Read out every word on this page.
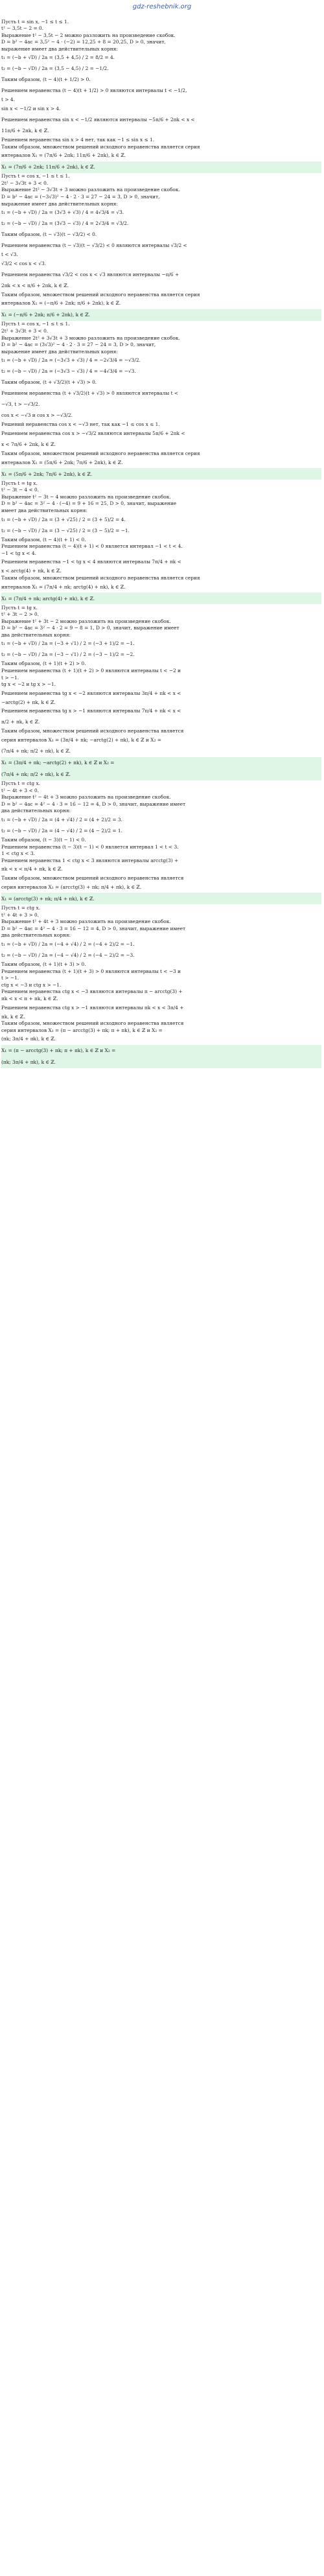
gdz-reshebnik.org
Пусть t = sin x, −1 ≤ t ≤ 1.
t² − 3,5t − 2 = 0.
Выражение t² − 3,5t − 2 можно разложить на произведение скобок.
D = b² − 4ac = 3,5² − 4 · (−2) = 12,25 + 8 = 20,25, D > 0, значит,
выражение имеет два действительных корня:
t₁ = (−b + √D) / 2a = (3,5 + 4,5) / 2 = 8/2 = 4.
t₂ = (−b − √D) / 2a = (3,5 − 4,5) / 2 = −1/2.
Таким образом, (t − 4)(t + 1/2) > 0.
Решением неравенства (t − 4)(t + 1/2) > 0 являются интервалы t < −1/2,
t > 4.
sin x < −1/2 и sin x > 4.
Решением неравенства sin x < −1/2 являются интервалы −5π/6 + 2πk < x <
11π/6 + 2πk, k ∈ ℤ.
Решением неравенства sin x > 4 нет, так как −1 ≤ sin x ≤ 1.
Таким образом, множеством решений исходного неравенства является серия
интервалов X₁ = (7π/6 + 2πk; 11π/6 + 2πk), k ∈ ℤ.
X₁ = (7π/6 + 2πk; 11π/6 + 2πk), k ∈ ℤ.
Пусть t = cos x, −1 ≤ t ≤ 1.
2t² − 3√3t + 3 < 0.
Выражение 2t² − 3√3t + 3 можно разложить на произведение скобок.
D = b² − 4ac = (−3√3)² − 4 · 2 · 3 = 27 − 24 = 3, D > 0, значит,
выражение имеет два действительных корня:
t₁ = (−b + √D) / 2a = (3√3 + √3) / 4 = 4√3/4 = √3.
t₂ = (−b − √D) / 2a = (3√3 − √3) / 4 = 2√3/4 = √3/2.
Таким образом, (t − √3)(t − √3/2) < 0.
Решением неравенства (t − √3)(t − √3/2) < 0 являются интервалы √3/2 <
t < √3.
√3/2 < cos x < √3.
Решением неравенства √3/2 < cos x < √3 являются интервалы −π/6 +
2πk < x < π/6 + 2πk, k ∈ ℤ.
Таким образом, множеством решений исходного неравенства является серия
интервалов X₁ = (−π/6 + 2πk; π/6 + 2πk), k ∈ ℤ.
X₁ = (−π/6 + 2πk; π/6 + 2πk), k ∈ ℤ.
Пусть t = cos x, −1 ≤ t ≤ 1.
2t² + 3√3t + 3 < 0.
Выражение 2t² + 3√3t + 3 можно разложить на произведение скобок.
D = b² − 4ac = (3√3)² − 4 · 2 · 3 = 27 − 24 = 3, D > 0, значит,
выражение имеет два действительных корня:
t₁ = (−b + √D) / 2a = (−3√3 + √3) / 4 = −2√3/4 = −√3/2.
t₂ = (−b − √D) / 2a = (−3√3 − √3) / 4 = −4√3/4 = −√3.
Таким образом, (t + √3/2)(t + √3) > 0.
Решением неравенства (t + √3/2)(t + √3) > 0 являются интервалы t <
−√3, t > −√3/2.
cos x < −√3 и cos x > −√3/2.
Решений неравенства cos x < −√3 нет, так как −1 ≤ cos x ≤ 1.
Решением неравенства cos x > −√3/2 являются интервалы 5π/6 + 2πk <
x < 7π/6 + 2πk, k ∈ ℤ.
Таким образом, множеством решений исходного неравенства является серия
интервалов X₁ = (5π/6 + 2πk; 7π/6 + 2πk), k ∈ ℤ.
X₁ = (5π/6 + 2πk; 7π/6 + 2πk), k ∈ ℤ.
Пусть t = tg x.
t² − 3t − 4 < 0.
Выражение t² − 3t − 4 можно разложить на произведение скобок.
D = b² − 4ac = 3² − 4 · (−4) = 9 + 16 = 25, D > 0, значит, выражение
имеет два действительных корня:
t₁ = (−b + √D) / 2a = (3 + √25) / 2 = (3 + 5)/2 = 4.
t₂ = (−b − √D) / 2a = (3 − √25) / 2 = (3 − 5)/2 = −1.
Таким образом, (t − 4)(t + 1) < 0.
Решением неравенства (t − 4)(t + 1) < 0 является интервал −1 < t < 4.
−1 < tg x < 4.
Решением неравенства −1 < tg x < 4 являются интервалы 7π/4 + πk <
x < arctg(4) + πk, k ∈ ℤ.
Таким образом, множеством решений исходного неравенства является серия
интервалов X₁ = (7π/4 + πk; arctg(4) + πk), k ∈ ℤ.
X₁ = (7π/4 + πk; arctg(4) + πk), k ∈ ℤ.
Пусть t = tg x.
t² + 3t − 2 > 0.
Выражение t² + 3t − 2 можно разложить на произведение скобок.
D = b² − 4ac = 3² − 4 · 2 = 9 − 8 = 1, D > 0, значит, выражение имеет
два действительных корня:
t₁ = (−b + √D) / 2a = (−3 + √1) / 2 = (−3 + 1)/2 = −1.
t₂ = (−b − √D) / 2a = (−3 − √1) / 2 = (−3 − 1)/2 = −2.
Таким образом, (t + 1)(t + 2) > 0.
Решением неравенства (t + 1)(t + 2) > 0 являются интервалы t < −2 и
t > −1.
tg x < −2 и tg x > −1.
Решением неравенства tg x < −2 являются интервалы 3π/4 + πk < x <
−arctg(2) + πk, k ∈ ℤ.
Решением неравенства tg x > −1 являются интервалы 7π/4 + πk < x <
π/2 + πk, k ∈ ℤ.
Таким образом, множеством решений исходного неравенства является
серия интервалов X₁ = (3π/4 + πk; −arctg(2) + πk), k ∈ ℤ и X₂ =
(7π/4 + πk; π/2 + πk), k ∈ ℤ.
X₁ = (3π/4 + πk; −arctg(2) + πk), k ∈ ℤ и X₂ =
(7π/4 + πk; π/2 + πk), k ∈ ℤ.
Пусть t = ctg x.
t² − 4t + 3 < 0.
Выражение t² − 4t + 3 можно разложить на произведение скобок.
D = b² − 4ac = 4² − 4 · 3 = 16 − 12 = 4, D > 0, значит, выражение имеет
два действительных корня:
t₁ = (−b + √D) / 2a = (4 + √4) / 2 = (4 + 2)/2 = 3.
t₂ = (−b − √D) / 2a = (4 − √4) / 2 = (4 − 2)/2 = 1.
Таким образом, (t − 3)(t − 1) < 0.
Решением неравенства (t − 3)(t − 1) < 0 является интервал 1 < t < 3.
1 < ctg x < 3.
Решением неравенства 1 < ctg x < 3 являются интервалы arcctg(3) +
πk < x < π/4 + πk, k ∈ ℤ.
Таким образом, множеством решений исходного неравенства является
серия интервалов X₁ = (arcctg(3) + πk; π/4 + πk), k ∈ ℤ.
X₁ = (arcctg(3) + πk; π/4 + πk), k ∈ ℤ.
Пусть t = ctg x.
t² + 4t + 3 > 0.
Выражение t² + 4t + 3 можно разложить на произведение скобок.
D = b² − 4ac = 4² − 4 · 3 = 16 − 12 = 4, D > 0, значит, выражение имеет
два действительных корня:
t₁ = (−b + √D) / 2a = (−4 + √4) / 2 = (−4 + 2)/2 = −1.
t₂ = (−b − √D) / 2a = (−4 − √4) / 2 = (−4 − 2)/2 = −3.
Таким образом, (t + 1)(t + 3) > 0.
Решением неравенства (t + 1)(t + 3) > 0 являются интервалы t < −3 и
t > −1.
ctg x < −3 и ctg x > −1.
Решением неравенства ctg x < −3 являются интервалы π − arcctg(3) +
πk < x < π + πk, k ∈ ℤ.
Решением неравенства ctg x > −1 являются интервалы πk < x < 3π/4 +
πk, k ∈ ℤ.
Таким образом, множеством решений исходного неравенства является
серия интервалов X₁ = (π − arcctg(3) + πk; π + πk), k ∈ ℤ и X₂ =
(πk; 3π/4 + πk), k ∈ ℤ.
X₁ = (π − arcctg(3) + πk; π + πk), k ∈ ℤ и X₂ =
(πk; 3π/4 + πk), k ∈ ℤ.
